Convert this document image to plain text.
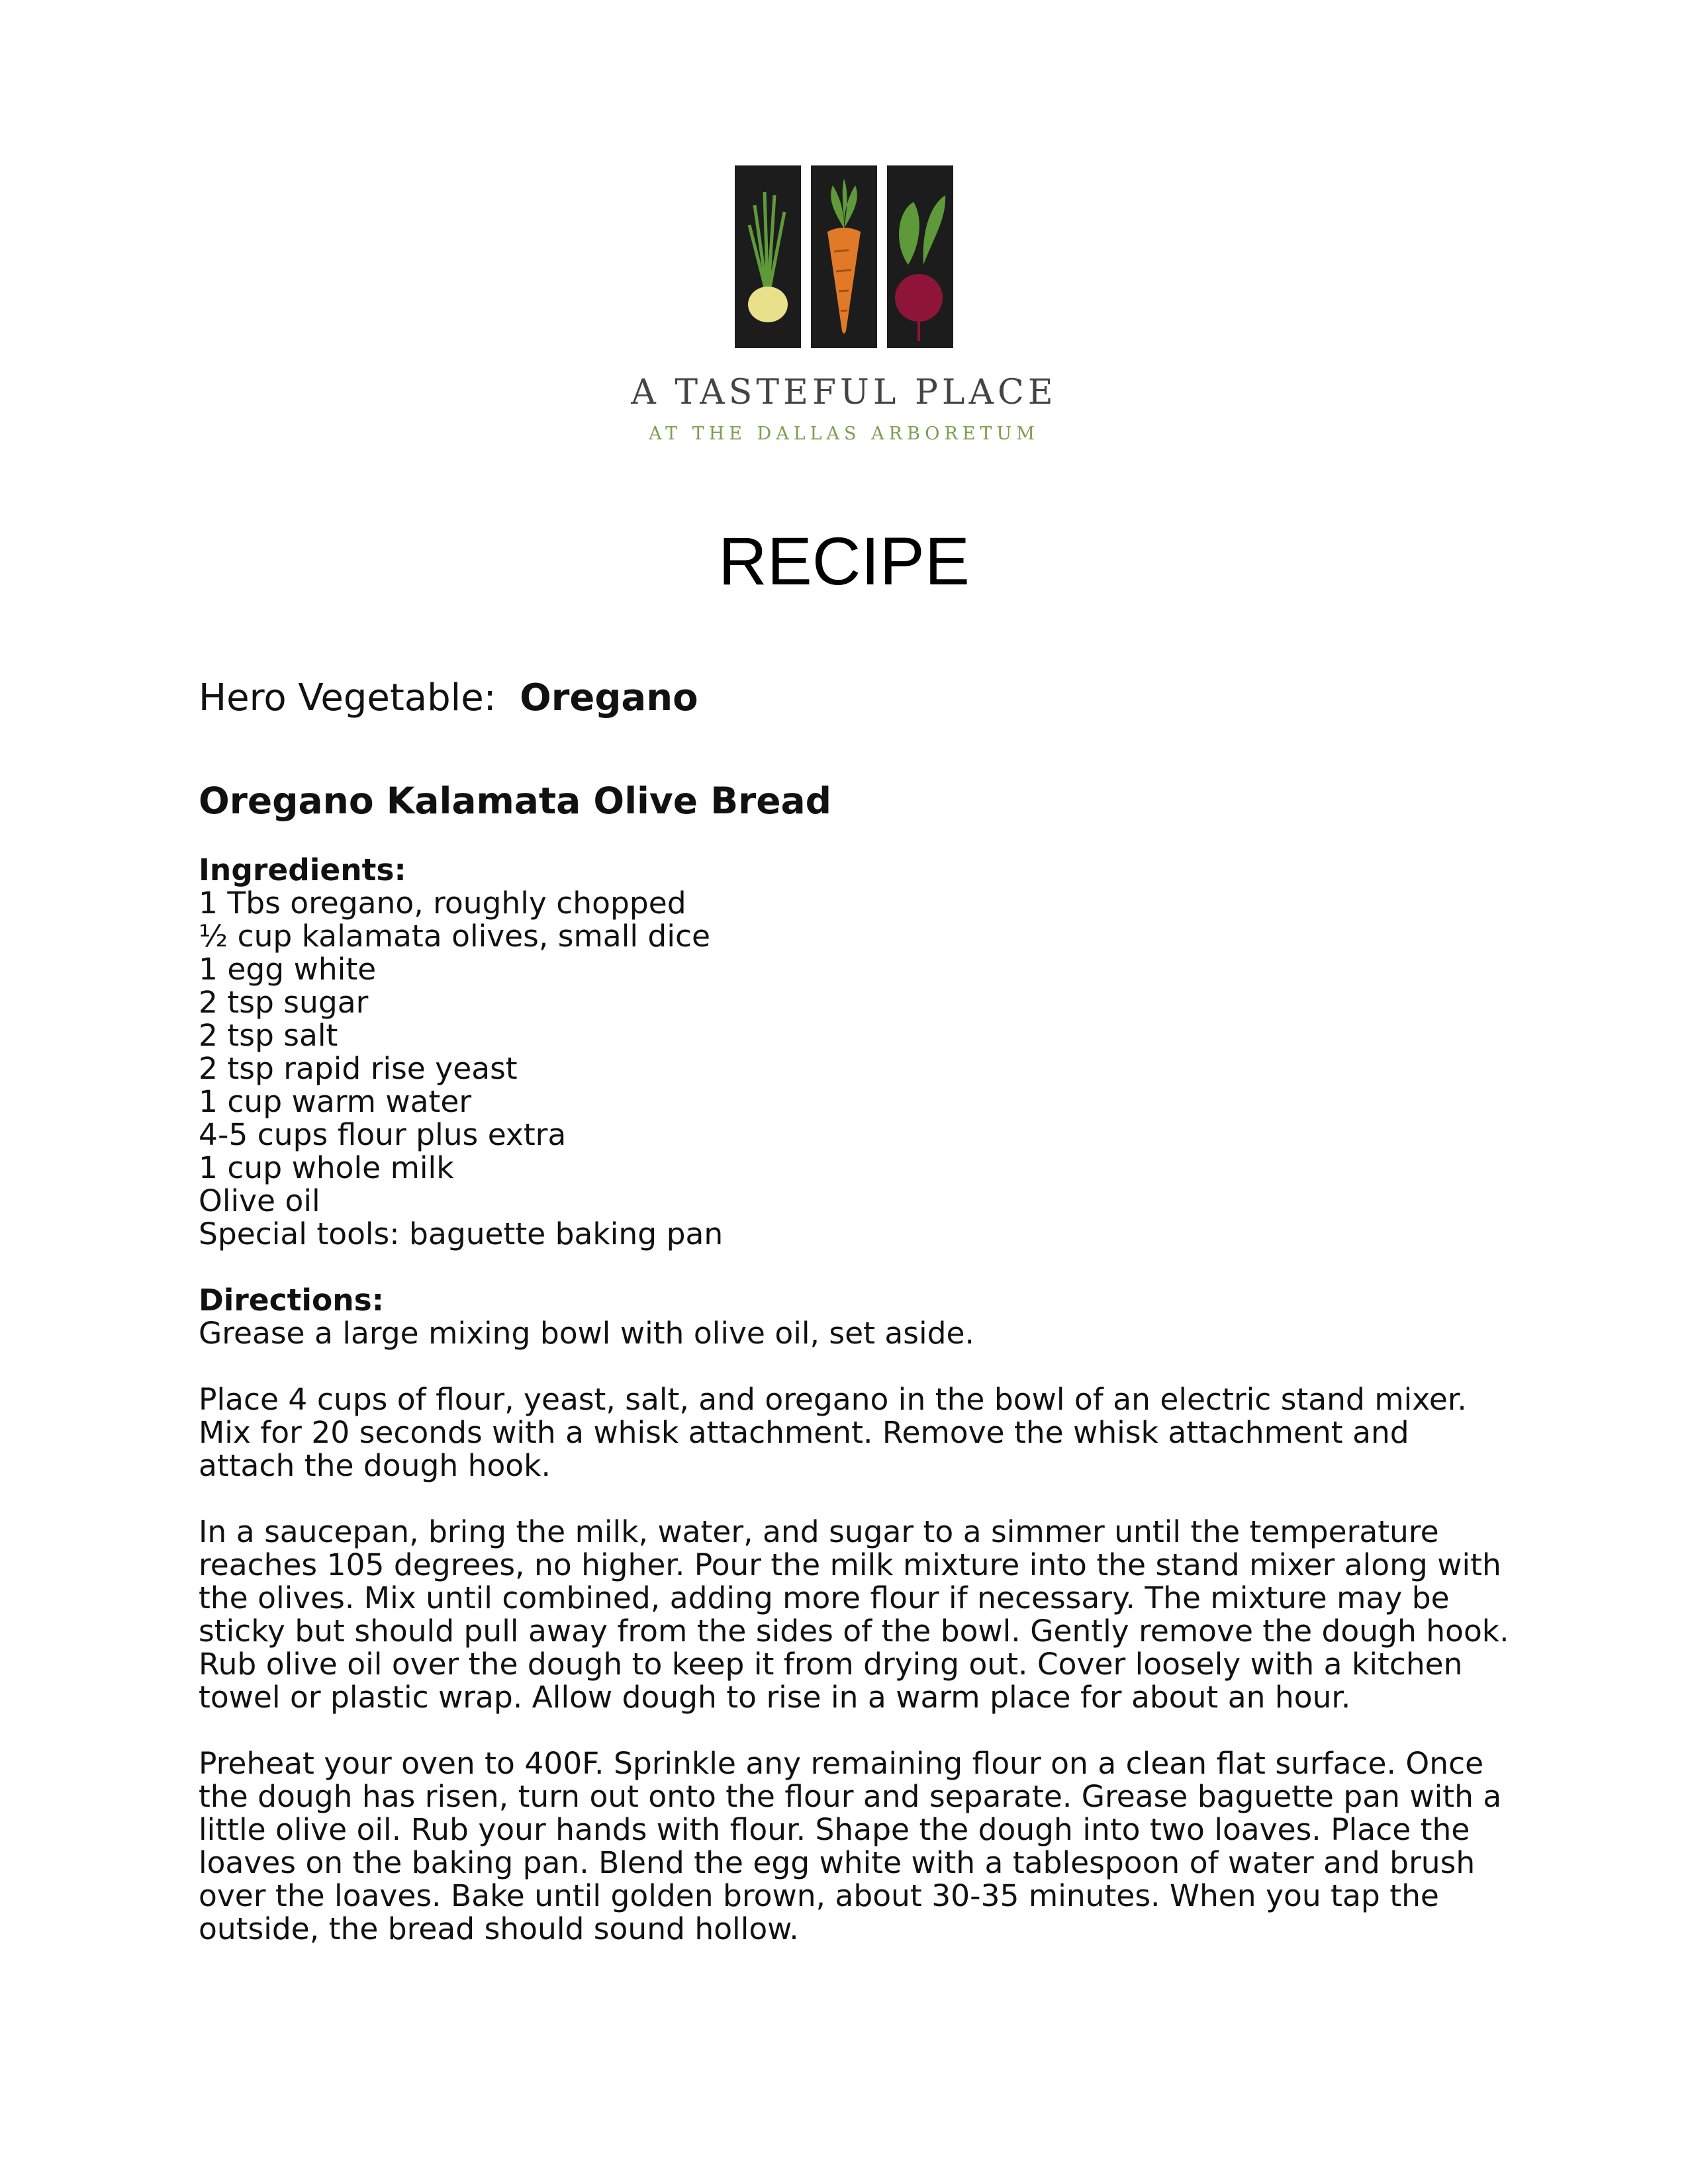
A TASTEFUL PLACE
AT THE DALLAS ARBORETUM
RECIPE
Hero Vegetable: Oregano
Oregano Kalamata Olive Bread
Ingredients:
1 Tbs oregano, roughly chopped
½ cup kalamata olives, small dice
1 egg white
2 tsp sugar
2 tsp salt
2 tsp rapid rise yeast
1 cup warm water
4-5 cups flour plus extra
1 cup whole milk
Olive oil
Special tools: baguette baking pan
Directions:

Grease a large mixing bowl with olive oil, set aside.

Place 4 cups of flour, yeast, salt, and oregano in the bowl of an electric stand mixer. Mix for 20 seconds with a whisk attachment. Remove the whisk attachment and attach the dough hook.

In a saucepan, bring the milk, water, and sugar to a simmer until the temperature reaches 105 degrees, no higher. Pour the milk mixture into the stand mixer along with the olives. Mix until combined, adding more flour if necessary. The mixture may be sticky but should pull away from the sides of the bowl. Gently remove the dough hook. Rub olive oil over the dough to keep it from drying out. Cover loosely with a kitchen towel or plastic wrap. Allow dough to rise in a warm place for about an hour.

Preheat your oven to 400F. Sprinkle any remaining flour on a clean flat surface. Once the dough has risen, turn out onto the flour and separate. Grease baguette pan with a little olive oil. Rub your hands with flour. Shape the dough into two loaves. Place the loaves on the baking pan. Blend the egg white with a tablespoon of water and brush over the loaves. Bake until golden brown, about 30-35 minutes. When you tap the outside, the bread should sound hollow.
